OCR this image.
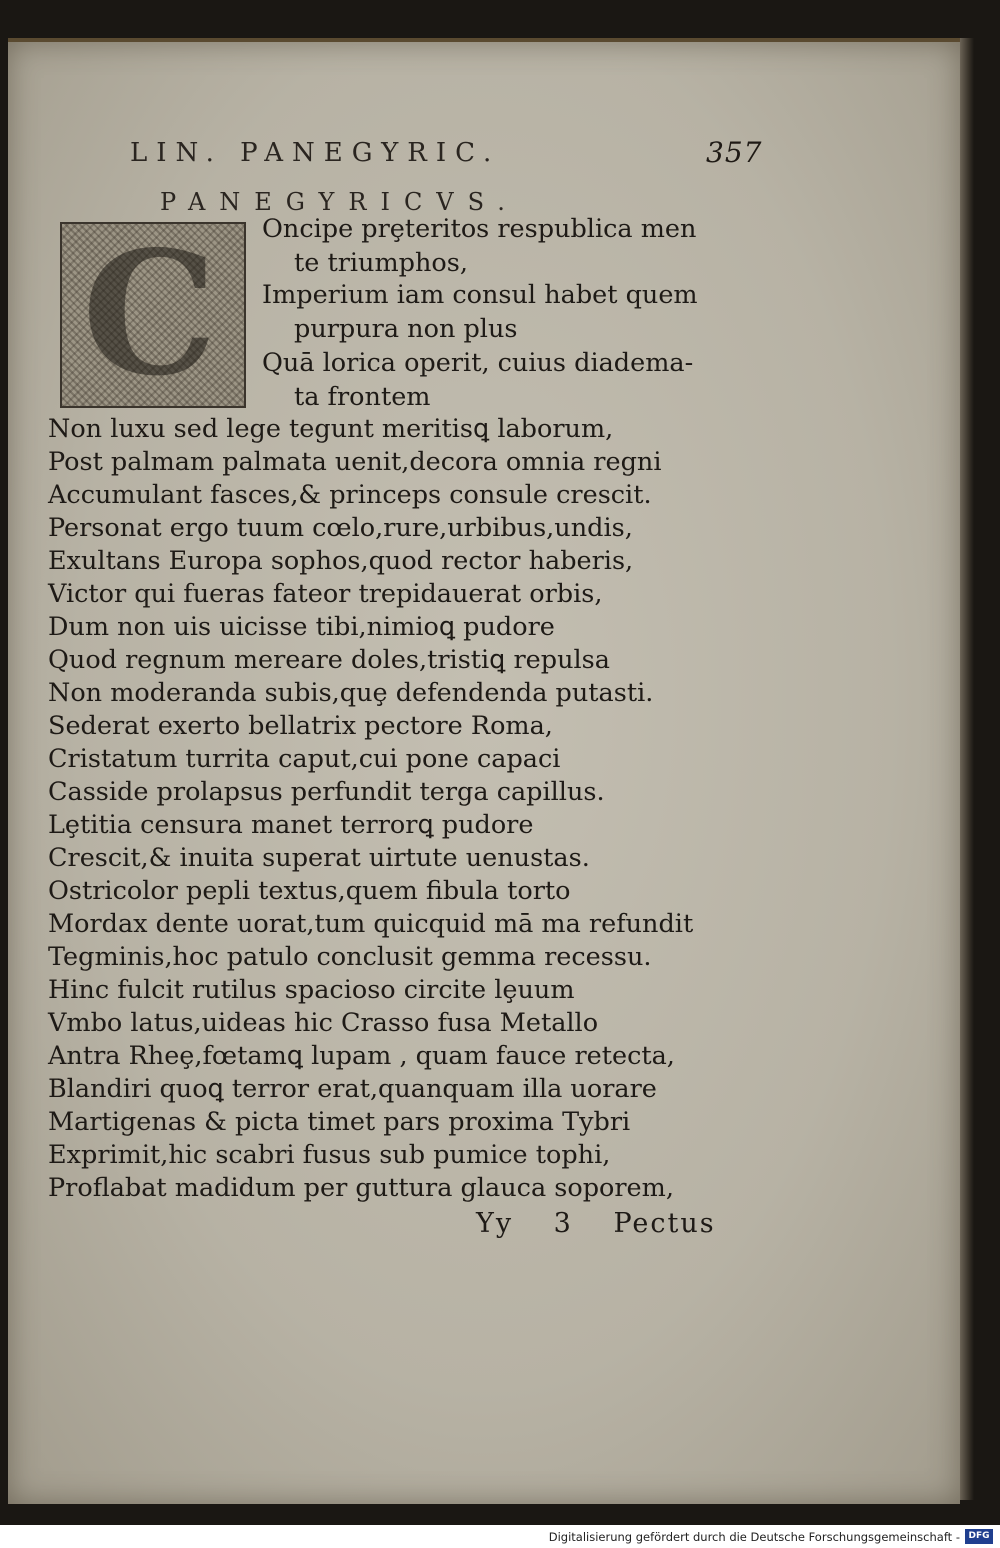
LIN. PANEGYRIC.	357
PANEGYRICVS.
C Oncipe prȩteritos respublica men
te triumphos,
Imperium iam consul habet quem
purpura non plus
Quā lorica operit, cuius diadema-
ta frontem
Non luxu sed lege tegunt meritisꝗ laborum,
Post palmam palmata uenit,decora omnia regni
Accumulant fasces,& princeps consule crescit.
Personat ergo tuum cœlo,rure,urbibus,undis,
Exultans Europa sophos,quod rector haberis,
Victor qui fueras fateor trepidauerat orbis,
Dum non uis uicisse tibi,nimioꝗ pudore
Quod regnum mereare doles,tristiꝗ repulsa
Non moderanda subis,quȩ defendenda putasti.
Sederat exerto bellatrix pectore Roma,
Cristatum turrita caput,cui pone capaci
Casside prolapsus perfundit terga capillus.
Lȩtitia censura manet terrorꝗ pudore
Crescit,& inuita superat uirtute uenustas.
Ostricolor pepli textus,quem fibula torto
Mordax dente uorat,tum quicquid mā ma refundit
Tegminis,hoc patulo conclusit gemma recessu.
Hinc fulcit rutilus spacioso circite lȩuum
Vmbo latus,uideas hic Crasso fusa Metallo
Antra Rheȩ,fœtamꝗ lupam , quam fauce retecta,
Blandiri quoꝗ terror erat,quanquam illa uorare
Martigenas & picta timet pars proxima Tybri
Exprimit,hic scabri fusus sub pumice tophi,
Proflabat madidum per guttura glauca soporem,
Yy 3 Pectus
Digitalisierung gefördert durch die Deutsche Forschungsgemeinschaft - DFG
